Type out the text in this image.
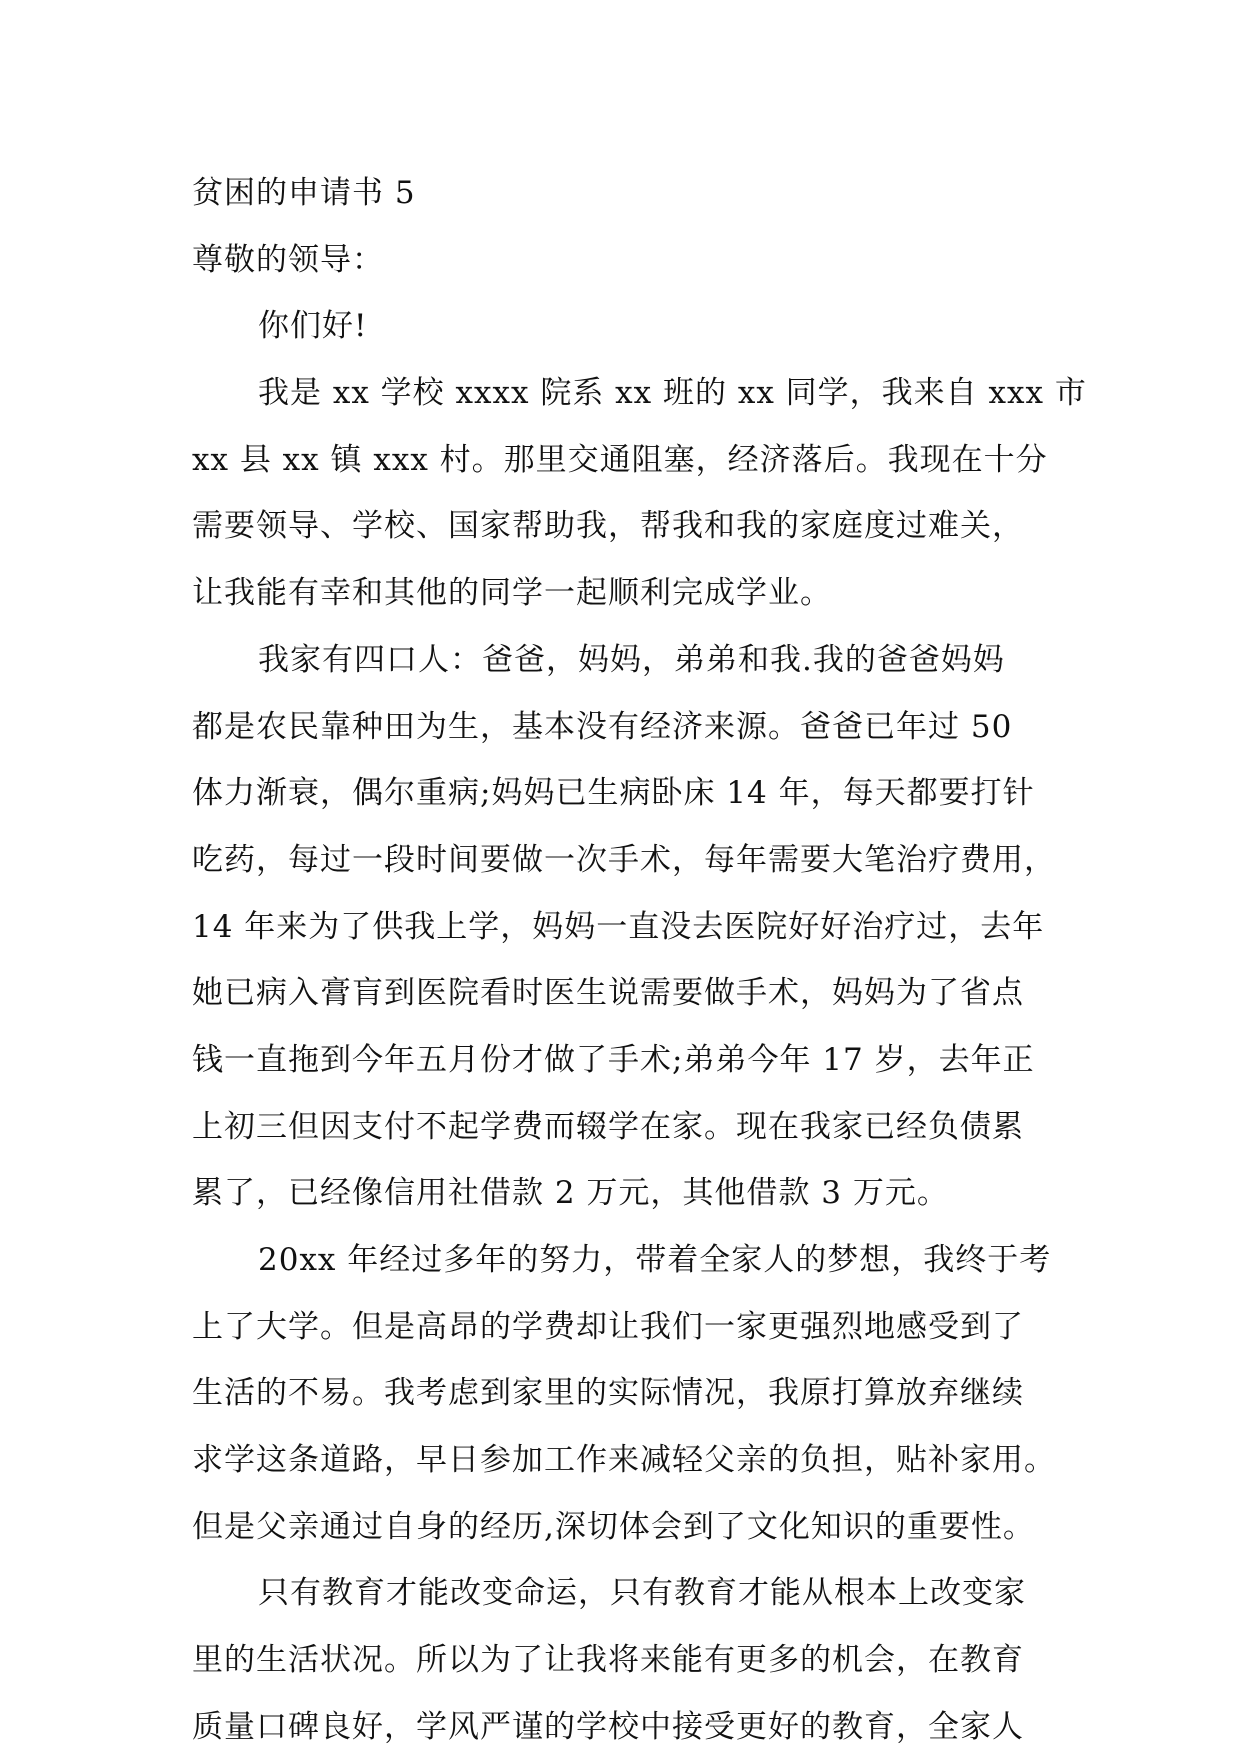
贫困的申请书 5
尊敬的领导：
你们好!
我是 xx 学校 xxxx 院系 xx 班的 xx 同学，我来自 xxx 市
xx 县 xx 镇 xxx 村。那里交通阻塞，经济落后。我现在十分
需要领导、学校、国家帮助我，帮我和我的家庭度过难关，
让我能有幸和其他的同学一起顺利完成学业。
我家有四口人：爸爸，妈妈，弟弟和我.我的爸爸妈妈
都是农民靠种田为生，基本没有经济来源。爸爸已年过 50
体力渐衰，偶尔重病;妈妈已生病卧床 14 年，每天都要打针
吃药，每过一段时间要做一次手术，每年需要大笔治疗费用，
14 年来为了供我上学，妈妈一直没去医院好好治疗过，去年
她已病入膏肓到医院看时医生说需要做手术，妈妈为了省点
钱一直拖到今年五月份才做了手术;弟弟今年 17 岁，去年正
上初三但因支付不起学费而辍学在家。现在我家已经负债累
累了，已经像信用社借款 2 万元，其他借款 3 万元。
20xx 年经过多年的努力，带着全家人的梦想，我终于考
上了大学。但是高昂的学费却让我们一家更强烈地感受到了
生活的不易。我考虑到家里的实际情况，我原打算放弃继续
求学这条道路，早日参加工作来减轻父亲的负担，贴补家用。
但是父亲通过自身的经历,深切体会到了文化知识的重要性。
只有教育才能改变命运，只有教育才能从根本上改变家
里的生活状况。所以为了让我将来能有更多的机会，在教育
质量口碑良好，学风严谨的学校中接受更好的教育，全家人
